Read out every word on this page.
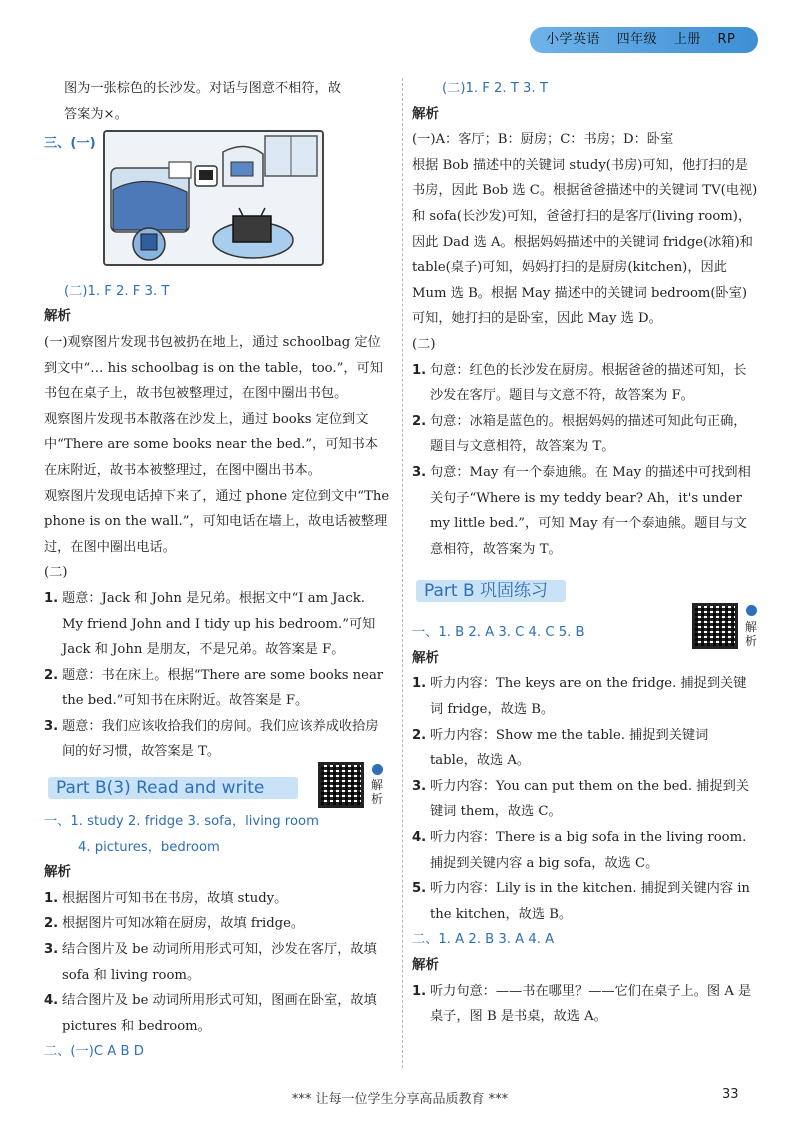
小学英语 四年级 上册 RP

图为一张棕色的长沙发。对话与图意不相符，故

答案为×。

三、(一)

(二)1. F 2. F 3. T

解析

(一)观察图片发现书包被扔在地上，通过 schoolbag 定位到文中“… his schoolbag is on the table，too.”，可知书包在桌子上，故书包被整理过，在图中圈出书包。

观察图片发现书本散落在沙发上，通过 books 定位到文中“There are some books near the bed.”，可知书本在床附近，故书本被整理过，在图中圈出书本。

观察图片发现电话掉下来了，通过 phone 定位到文中“The phone is on the wall.”，可知电话在墙上，故电话被整理过，在图中圈出电话。

(二)

1. 题意：Jack 和 John 是兄弟。根据文中“I am Jack. My friend John and I tidy up his bedroom.”可知 Jack 和 John 是朋友，不是兄弟。故答案是 F。
2. 题意：书在床上。根据“There are some books near the bed.”可知书在床附近。故答案是 F。
3. 题意：我们应该收拾我们的房间。我们应该养成收拾房间的好习惯，故答案是 T。
Part B(3) Read and write

一、1. study 2. fridge 3. sofa，living room

4. pictures，bedroom

解析

1. 根据图片可知书在书房，故填 study。
2. 根据图片可知冰箱在厨房，故填 fridge。
3. 结合图片及 be 动词所用形式可知，沙发在客厅，故填 sofa 和 living room。
4. 结合图片及 be 动词所用形式可知，图画在卧室，故填 pictures 和 bedroom。

二、(一)C A B D

解析

(二)1. F 2. T 3. T

解析

(一)A：客厅；B：厨房；C：书房；D：卧室

根据 Bob 描述中的关键词 study(书房)可知，他打扫的是书房，因此 Bob 选 C。根据爸爸描述中的关键词 TV(电视)和 sofa(长沙发)可知，爸爸打扫的是客厅(living room)，因此 Dad 选 A。根据妈妈描述中的关键词 fridge(冰箱)和 table(桌子)可知，妈妈打扫的是厨房(kitchen)，因此 Mum 选 B。根据 May 描述中的关键词 bedroom(卧室)可知，她打扫的是卧室，因此 May 选 D。

(二)

1. 句意：红色的长沙发在厨房。根据爸爸的描述可知，长沙发在客厅。题目与文意不符，故答案为 F。
2. 句意：冰箱是蓝色的。根据妈妈的描述可知此句正确，题目与文意相符，故答案为 T。
3. 句意：May 有一个泰迪熊。在 May 的描述中可找到相关句子“Where is my teddy bear? Ah，it's under my little bed.”，可知 May 有一个泰迪熊。题目与文意相符，故答案为 T。
Part B 巩固练习

一、1. B 2. A 3. C 4. C 5. B

解析

1. 听力内容：The keys are on the fridge. 捕捉到关键词 fridge，故选 B。
2. 听力内容：Show me the table. 捕捉到关键词 table，故选 A。
3. 听力内容：You can put them on the bed. 捕捉到关键词 them，故选 C。
4. 听力内容：There is a big sofa in the living room. 捕捉到关键内容 a big sofa，故选 C。
5. 听力内容：Lily is in the kitchen. 捕捉到关键内容 in the kitchen，故选 B。

二、1. A 2. B 3. A 4. A

解析

1. 听力句意：——书在哪里？——它们在桌子上。图 A 是桌子，图 B 是书桌，故选 A。
解析
*** 让每一位学生分享高品质教育 ***	33
